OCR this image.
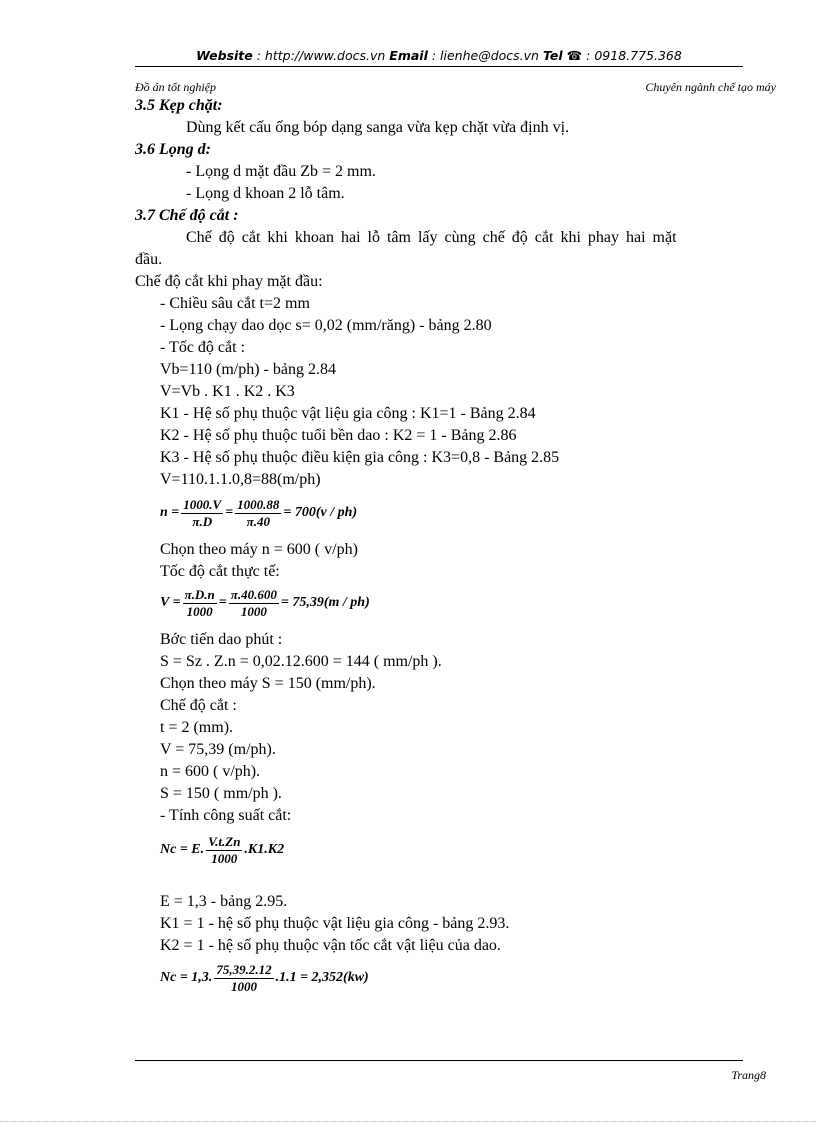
Website : http://www.docs.vn Email : lienhe@docs.vn Tel ☎ : 0918.775.368
Đồ án tốt nghiệp	Chuyên ngành chế tạo máy
3.5 Kẹp chặt:
Dùng kết cấu ống bóp dạng sanga vừa kẹp chặt vừa định vị.
3.6 Lọng d:
- Lọng d mặt đầu Zb = 2 mm.
- Lọng d khoan 2 lỗ tâm.
3.7 Chế độ cắt :
Chế độ cắt khi khoan hai lỗ tâm lấy cùng chế độ cắt khi phay hai mặt
đầu.
Chế độ cắt khi phay mặt đầu:
- Chiều sâu cắt t=2 mm
- Lọng chạy dao dọc s= 0,02 (mm/răng) - bảng 2.80
- Tốc độ cắt :
Vb=110 (m/ph) - bảng 2.84
V=Vb . K1 . K2 . K3
K1 - Hệ số phụ thuộc vật liệu gia công : K1=1 - Bảng 2.84
K2 - Hệ số phụ thuộc tuổi bền dao : K2 = 1 - Bảng 2.86
K3 - Hệ số phụ thuộc điều kiện gia công : K3=0,8 - Bảng 2.85
V=110.1.1.0,8=88(m/ph)
$n = \frac{1000.V}{\pi.D} = \frac{1000.88}{\pi.40} = 700(v / ph)$
Chọn theo máy n = 600 ( v/ph)
Tốc độ cắt thực tế:
$V = \frac{\pi.D.n}{1000} = \frac{\pi.40.600}{1000} = 75,39(m / ph)$
Bớc tiến dao phút :
S = Sz . Z.n = 0,02.12.600 = 144 ( mm/ph ).
Chọn theo máy S = 150 (mm/ph).
Chế độ cắt :
t = 2 (mm).
V = 75,39 (m/ph).
n = 600 ( v/ph).
S = 150 ( mm/ph ).
- Tính công suất cắt:
Nc = E. $\frac{V.t.Zn}{1000} .K1.K2$
E = 1,3 - bảng 2.95.
K1 = 1 - hệ số phụ thuộc vật liệu gia công - bảng 2.93.
K2 = 1 - hệ số phụ thuộc vận tốc cắt vật liệu của dao.
Nc = 1,3. $\frac{75,39.2.12}{1000} .1.1 = 2,352(kw)$
Trang8
